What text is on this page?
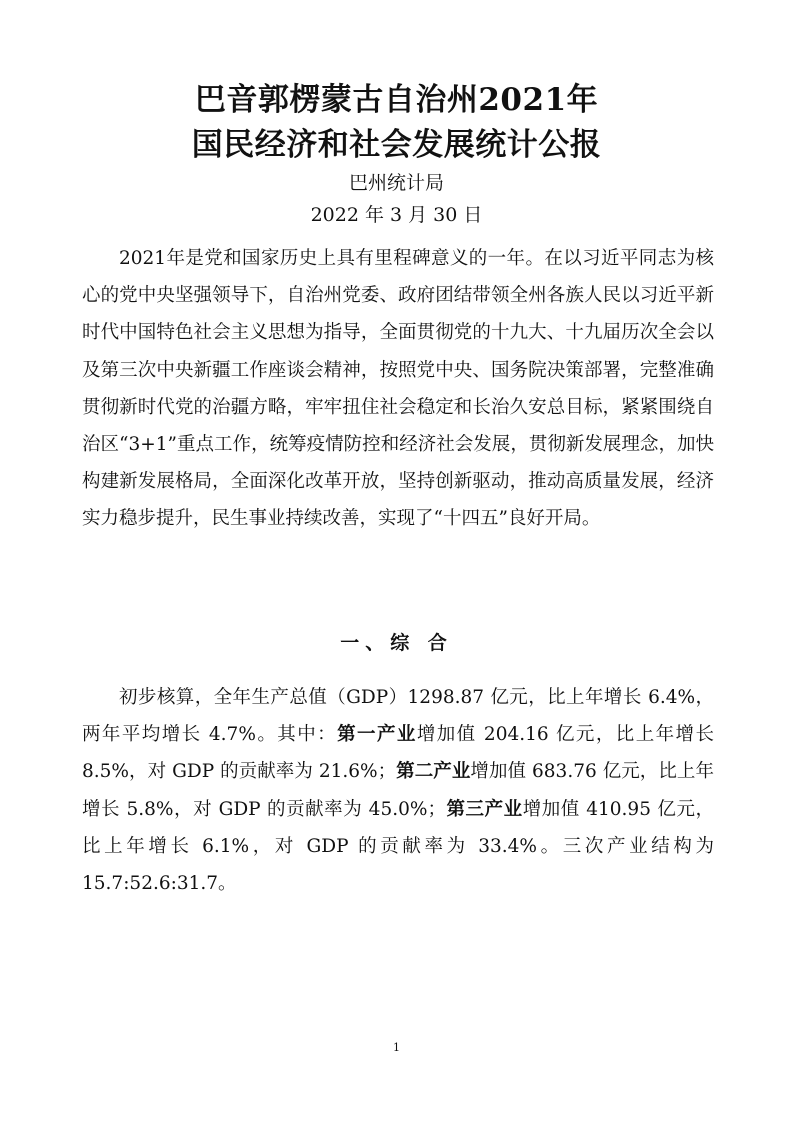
巴音郭楞蒙古自治州2021年
国民经济和社会发展统计公报
巴州统计局
2022 年 3 月 30 日

2021年是党和国家历史上具有里程碑意义的一年。在以习近平同志为核心的党中央坚强领导下，自治州党委、政府团结带领全州各族人民以习近平新时代中国特色社会主义思想为指导，全面贯彻党的十九大、十九届历次全会以及第三次中央新疆工作座谈会精神，按照党中央、国务院决策部署，完整准确贯彻新时代党的治疆方略，牢牢扭住社会稳定和长治久安总目标，紧紧围绕自治区“3+1”重点工作，统筹疫情防控和经济社会发展，贯彻新发展理念，加快构建新发展格局，全面深化改革开放，坚持创新驱动，推动高质量发展，经济实力稳步提升，民生事业持续改善，实现了“十四五”良好开局。

一、综 合

初步核算，全年生产总值（GDP）1298.87 亿元，比上年增长 6.4%，两年平均增长 4.7%。其中：第一产业增加值 204.16 亿元，比上年增长 8.5%，对 GDP 的贡献率为 21.6%；第二产业增加值 683.76 亿元，比上年增长 5.8%，对 GDP 的贡献率为 45.0%；第三产业增加值 410.95 亿元，比上年增长 6.1%，对 GDP 的贡献率为 33.4%。三次产业结构为 15.7:52.6:31.7。

1
